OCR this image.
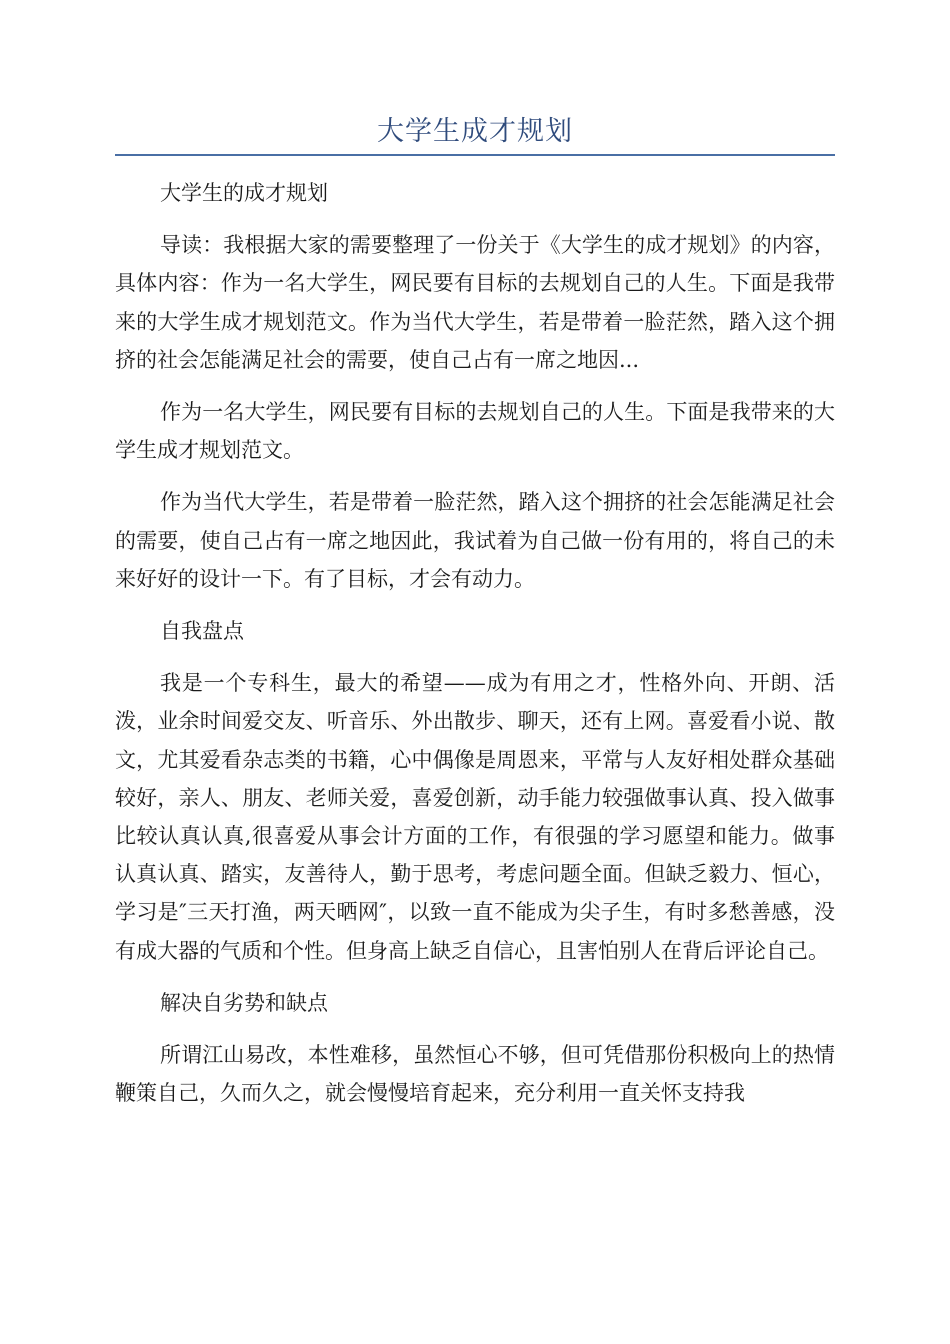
大学生成才规划

大学生的成才规划

导读：我根据大家的需要整理了一份关于《大学生的成才规划》的内容，具体内容：作为一名大学生，网民要有目标的去规划自己的人生。下面是我带来的大学生成才规划范文。作为当代大学生，若是带着一脸茫然，踏入这个拥挤的社会怎能满足社会的需要，使自己占有一席之地因...

作为一名大学生，网民要有目标的去规划自己的人生。下面是我带来的大学生成才规划范文。

作为当代大学生，若是带着一脸茫然，踏入这个拥挤的社会怎能满足社会的需要，使自己占有一席之地因此，我试着为自己做一份有用的，将自己的未来好好的设计一下。有了目标，才会有动力。

自我盘点

我是一个专科生，最大的希望——成为有用之才，性格外向、开朗、活泼，业余时间爱交友、听音乐、外出散步、聊天，还有上网。喜爱看小说、散文，尤其爱看杂志类的书籍，心中偶像是周恩来，平常与人友好相处群众基础较好，亲人、朋友、老师关爱，喜爱创新，动手能力较强做事认真、投入做事比较认真认真,很喜爱从事会计方面的工作，有很强的学习愿望和能力。做事认真认真、踏实，友善待人，勤于思考，考虑问题全面。但缺乏毅力、恒心，学习是″三天打渔，两天晒网″，以致一直不能成为尖子生，有时多愁善感，没有成大器的气质和个性。但身高上缺乏自信心，且害怕别人在背后评论自己。

解决自劣势和缺点

所谓江山易改，本性难移，虽然恒心不够，但可凭借那份积极向上的热情鞭策自己，久而久之，就会慢慢培育起来，充分利用一直关怀支持我
